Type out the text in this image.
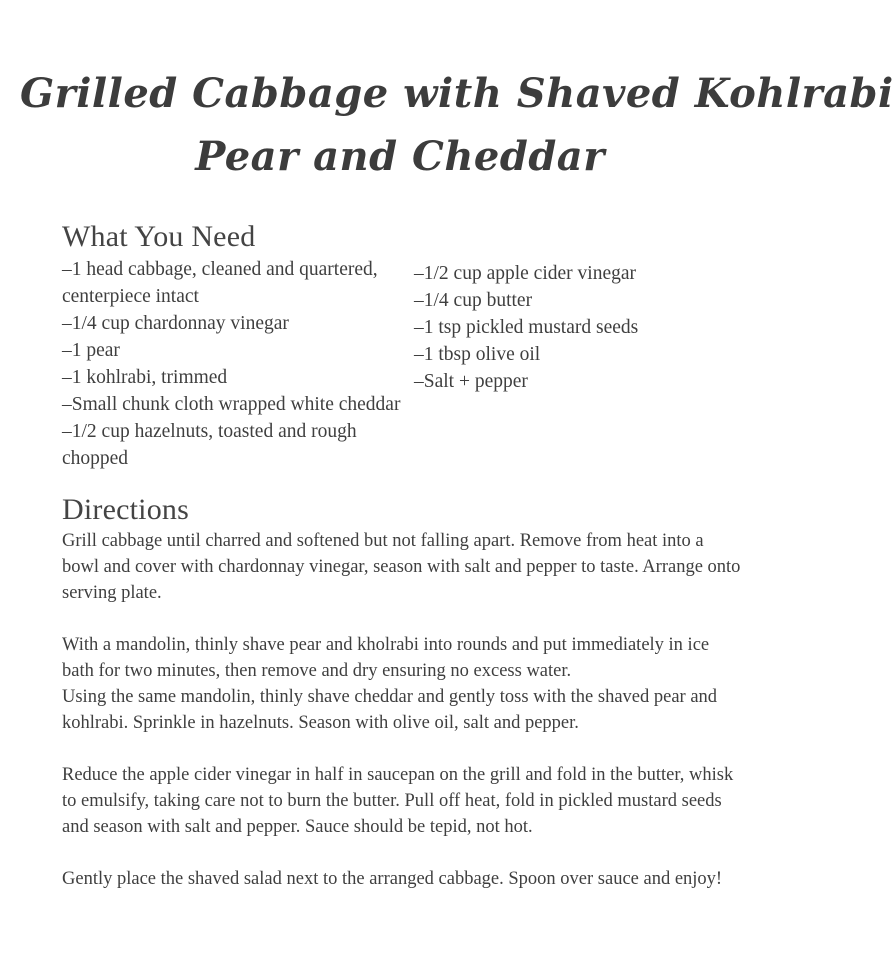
Grilled Cabbage with Shaved Kohlrabi
Pear and Cheddar
What You Need
–1 head cabbage, cleaned and quartered, centerpiece intact
–1/4 cup chardonnay vinegar
–1 pear
–1 kohlrabi, trimmed
–Small chunk cloth wrapped white cheddar
–1/2 cup hazelnuts, toasted and rough chopped
–1/2 cup apple cider vinegar
–1/4 cup butter
–1 tsp pickled mustard seeds
–1 tbsp olive oil
–Salt + pepper
Directions

Grill cabbage until charred and softened but not falling apart. Remove from heat into a bowl and cover with chardonnay vinegar, season with salt and pepper to taste. Arrange onto serving plate.

With a mandolin, thinly shave pear and kholrabi into rounds and put immediately in ice bath for two minutes, then remove and dry ensuring no excess water.

Using the same mandolin, thinly shave cheddar and gently toss with the shaved pear and kohlrabi. Sprinkle in hazelnuts. Season with olive oil, salt and pepper.

Reduce the apple cider vinegar in half in saucepan on the grill and fold in the butter, whisk to emulsify, taking care not to burn the butter. Pull off heat, fold in pickled mustard seeds and season with salt and pepper. Sauce should be tepid, not hot.

Gently place the shaved salad next to the arranged cabbage. Spoon over sauce and enjoy!
